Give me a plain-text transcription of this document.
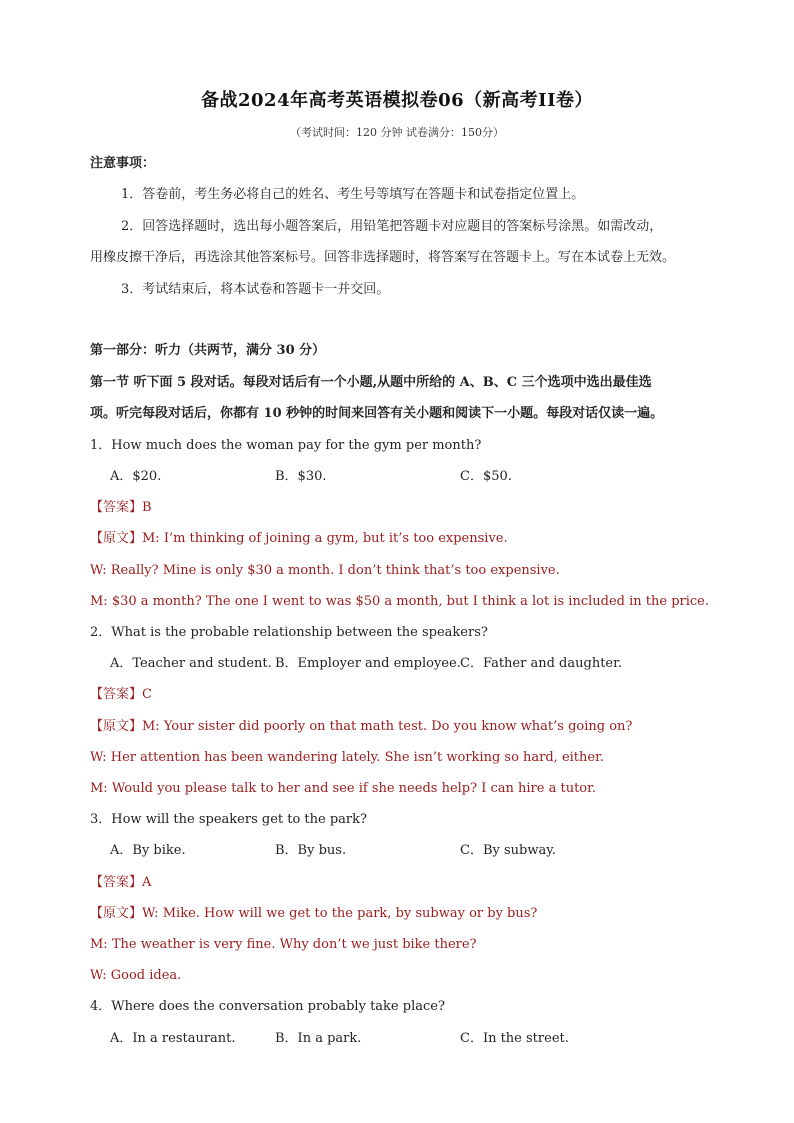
备战2024年高考英语模拟卷06（新高考II卷）
（考试时间：120 分钟 试卷满分：150分）
注意事项：
1．答卷前，考生务必将自己的姓名、考生号等填写在答题卡和试卷指定位置上。
2．回答选择题时，选出每小题答案后，用铅笔把答题卡对应题目的答案标号涂黑。如需改动，
用橡皮擦干净后，再选涂其他答案标号。回答非选择题时，将答案写在答题卡上。写在本试卷上无效。
3．考试结束后，将本试卷和答题卡一并交回。
第一部分：听力（共两节，满分 30 分）
第一节 听下面 5 段对话。每段对话后有一个小题,从题中所给的 A、B、C 三个选项中选出最佳选
项。听完每段对话后，你都有 10 秒钟的时间来回答有关小题和阅读下一小题。每段对话仅读一遍。
1．How much does the woman pay for the gym per month?
A．$20.	B．$30.	C．$50.
【答案】B
【原文】M: I’m thinking of joining a gym, but it’s too expensive.
W: Really? Mine is only $30 a month. I don’t think that’s too expensive.
M: $30 a month? The one I went to was $50 a month, but I think a lot is included in the price.
2．What is the probable relationship between the speakers?
A．Teacher and student. B．Employer and employee. C．Father and daughter.
【答案】C
【原文】M: Your sister did poorly on that math test. Do you know what’s going on?
W: Her attention has been wandering lately. She isn’t working so hard, either.
M: Would you please talk to her and see if she needs help? I can hire a tutor.
3．How will the speakers get to the park?
A．By bike.	B．By bus.	C．By subway.
【答案】A
【原文】W: Mike. How will we get to the park, by subway or by bus?
M: The weather is very fine. Why don’t we just bike there?
W: Good idea.
4．Where does the conversation probably take place?
A．In a restaurant.	B．In a park.	C．In the street.
